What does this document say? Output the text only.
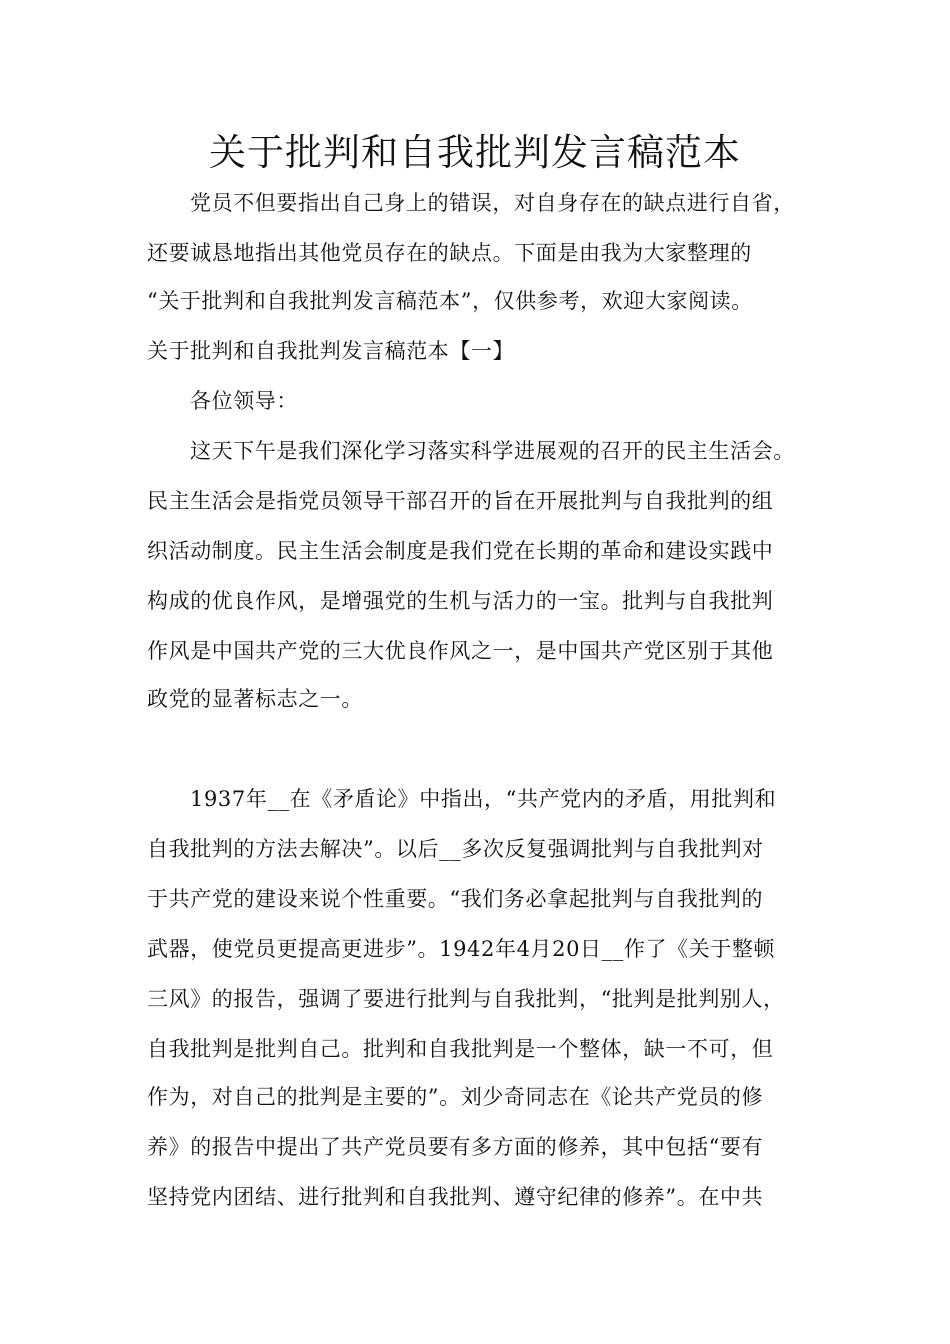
关于批判和自我批判发言稿范本
党员不但要指出自己身上的错误，对自身存在的缺点进行自省，
还要诚恳地指出其他党员存在的缺点。下面是由我为大家整理的
“关于批判和自我批判发言稿范本”，仅供参考，欢迎大家阅读。
关于批判和自我批判发言稿范本【一】
各位领导：
这天下午是我们深化学习落实科学进展观的召开的民主生活会。
民主生活会是指党员领导干部召开的旨在开展批判与自我批判的组
织活动制度。民主生活会制度是我们党在长期的革命和建设实践中
构成的优良作风，是增强党的生机与活力的一宝。批判与自我批判
作风是中国共产党的三大优良作风之一，是中国共产党区别于其他
政党的显著标志之一。
1937年__在《矛盾论》中指出，“共产党内的矛盾，用批判和
自我批判的方法去解决”。以后__多次反复强调批判与自我批判对
于共产党的建设来说个性重要。“我们务必拿起批判与自我批判的
武器，使党员更提高更进步”。1942年4月20日__作了《关于整顿
三风》的报告，强调了要进行批判与自我批判，“批判是批判别人，
自我批判是批判自己。批判和自我批判是一个整体，缺一不可，但
作为，对自己的批判是主要的”。刘少奇同志在《论共产党员的修
养》的报告中提出了共产党员要有多方面的修养，其中包括“要有
坚持党内团结、进行批判和自我批判、遵守纪律的修养”。在中共
